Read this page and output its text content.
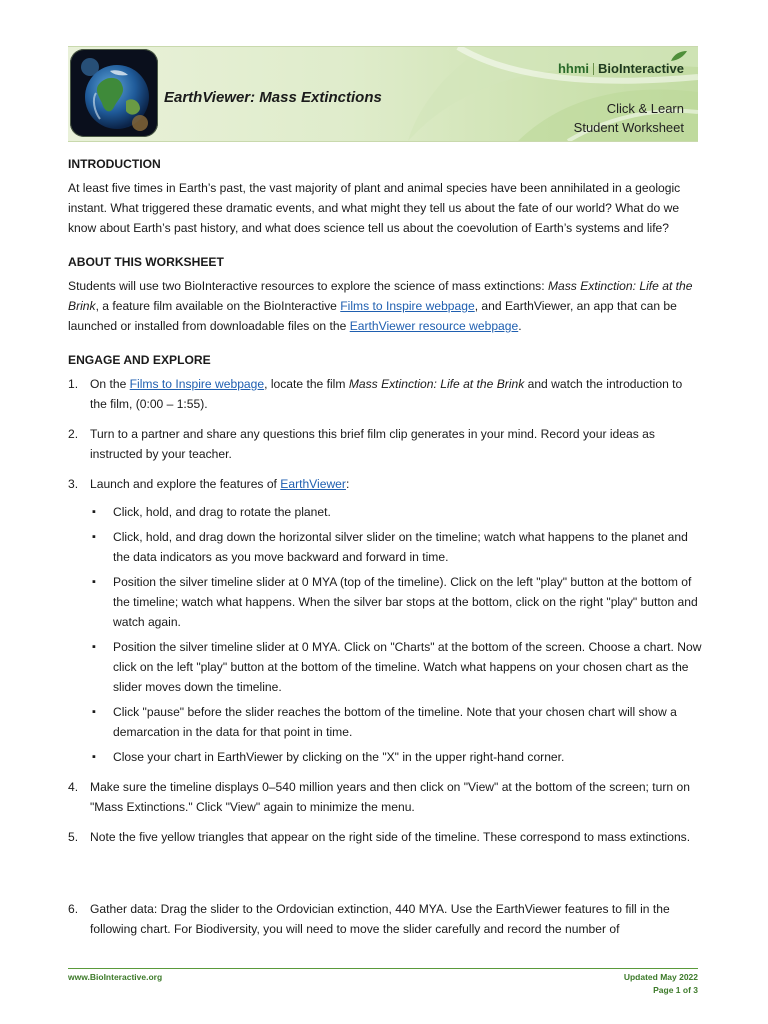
EarthViewer: Mass Extinctions
hhmi BioInteractive
Click & Learn
Student Worksheet

INTRODUCTION

At least five times in Earth’s past, the vast majority of plant and animal species have been annihilated in a geologic instant. What triggered these dramatic events, and what might they tell us about the fate of our world? What do we know about Earth’s past history, and what does science tell us about the coevolution of Earth’s systems and life?

ABOUT THIS WORKSHEET

Students will use two BioInteractive resources to explore the science of mass extinctions: Mass Extinction: Life at the Brink, a feature film available on the BioInteractive Films to Inspire webpage, and EarthViewer, an app that can be launched or installed from downloadable files on the EarthViewer resource webpage.

ENGAGE AND EXPLORE

1. On the Films to Inspire webpage, locate the film Mass Extinction: Life at the Brink and watch the introduction to the film, (0:00 – 1:55).
2. Turn to a partner and share any questions this brief film clip generates in your mind. Record your ideas as instructed by your teacher.
3. Launch and explore the features of EarthViewer:
▪ Click, hold, and drag to rotate the planet.
▪ Click, hold, and drag down the horizontal silver slider on the timeline; watch what happens to the planet and the data indicators as you move backward and forward in time.
▪ Position the silver timeline slider at 0 MYA (top of the timeline). Click on the left "play" button at the bottom of the timeline; watch what happens. When the silver bar stops at the bottom, click on the right "play" button and watch again.
▪ Position the silver timeline slider at 0 MYA. Click on "Charts" at the bottom of the screen. Choose a chart. Now click on the left "play" button at the bottom of the timeline. Watch what happens on your chosen chart as the slider moves down the timeline.
▪ Click "pause" before the slider reaches the bottom of the timeline. Note that your chosen chart will show a demarcation in the data for that point in time.
▪ Close your chart in EarthViewer by clicking on the "X" in the upper right-hand corner.
4. Make sure the timeline displays 0–540 million years and then click on "View" at the bottom of the screen; turn on "Mass Extinctions." Click "View" again to minimize the menu.
5. Note the five yellow triangles that appear on the right side of the timeline. These correspond to mass extinctions.
6. Gather data: Drag the slider to the Ordovician extinction, 440 MYA. Use the EarthViewer features to fill in the following chart. For Biodiversity, you will need to move the slider carefully and record the number of
www.BioInteractive.org	Updated May 2022
Page 1 of 3
